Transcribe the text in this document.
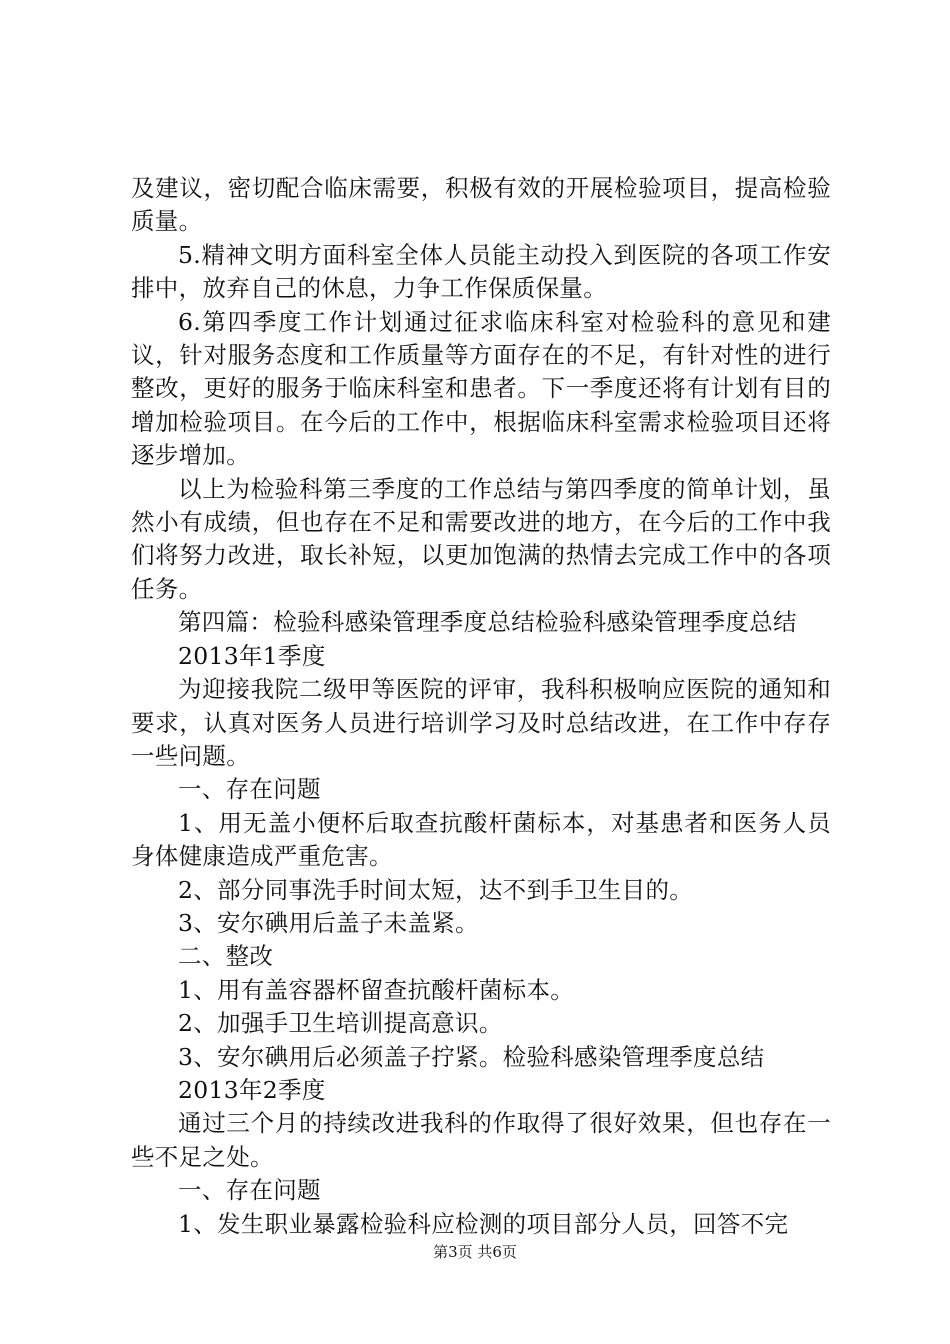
及建议，密切配合临床需要，积极有效的开展检验项目，提高检验质量。
5.精神文明方面科室全体人员能主动投入到医院的各项工作安排中，放弃自己的休息，力争工作保质保量。
6.第四季度工作计划通过征求临床科室对检验科的意见和建议，针对服务态度和工作质量等方面存在的不足，有针对性的进行整改，更好的服务于临床科室和患者。下一季度还将有计划有目的增加检验项目。在今后的工作中，根据临床科室需求检验项目还将逐步增加。
以上为检验科第三季度的工作总结与第四季度的简单计划，虽然小有成绩，但也存在不足和需要改进的地方，在今后的工作中我们将努力改进，取长补短，以更加饱满的热情去完成工作中的各项任务。
第四篇：检验科感染管理季度总结检验科感染管理季度总结
2013年1季度
为迎接我院二级甲等医院的评审，我科积极响应医院的通知和要求，认真对医务人员进行培训学习及时总结改进，在工作中存存一些问题。
一、存在问题
1、用无盖小便杯后取查抗酸杆菌标本，对基患者和医务人员身体健康造成严重危害。
2、部分同事洗手时间太短，达不到手卫生目的。
3、安尔碘用后盖子未盖紧。
二、整改
1、用有盖容器杯留查抗酸杆菌标本。
2、加强手卫生培训提高意识。
3、安尔碘用后必须盖子拧紧。检验科感染管理季度总结
2013年2季度
通过三个月的持续改进我科的作取得了很好效果，但也存在一些不足之处。
一、存在问题
1、发生职业暴露检验科应检测的项目部分人员，回答不完
第3页 共6页
